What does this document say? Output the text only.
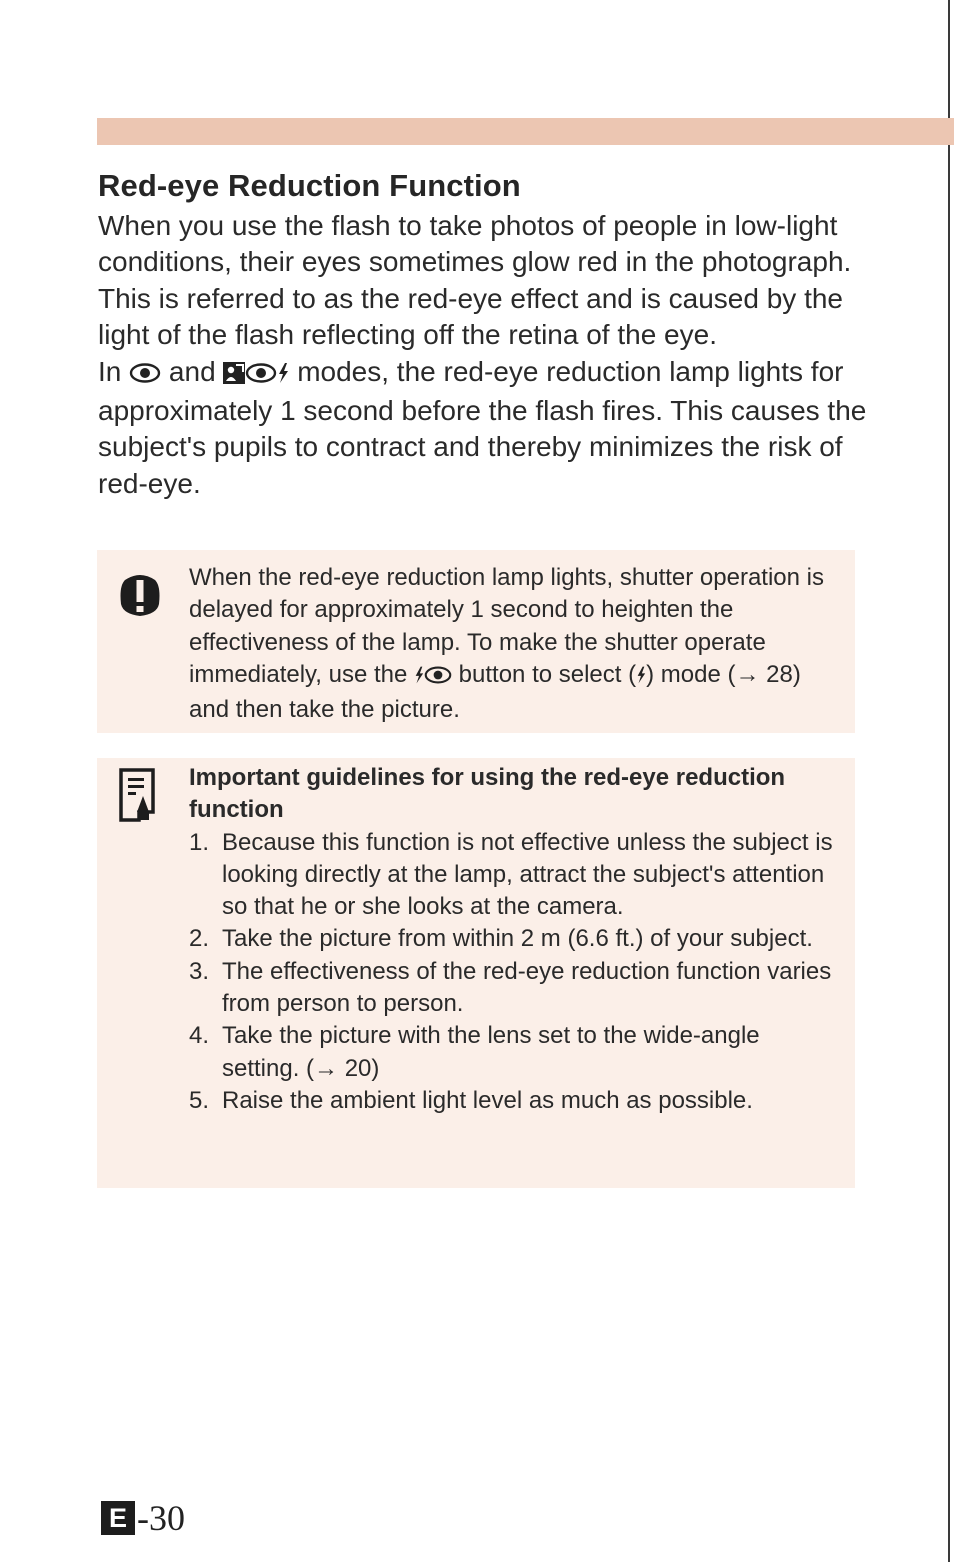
Red-eye Reduction Function

When you use the flash to take photos of people in low-light conditions, their eyes sometimes glow red in the photograph. This is referred to as the red-eye effect and is caused by the light of the flash reflecting off the retina of the eye.

In and	modes, the red-eye reduction lamp lights for approximately 1 second before the flash fires. This causes the subject's pupils to contract and thereby minimizes the risk of red-eye.

When the red-eye reduction lamp lights, shutter operation is delayed for approximately 1 second to heighten the effectiveness of the lamp. To make the shutter operate immediately, use the button to select ( ) mode (→ 28) and then take the picture.

Important guidelines for using the red-eye reduction function

1. Because this function is not effective unless the subject is looking directly at the lamp, attract the subject's attention so that he or she looks at the camera.
2. Take the picture from within 2 m (6.6 ft.) of your subject.
3. The effectiveness of the red-eye reduction function varies from person to person.
4. Take the picture with the lens set to the wide-angle setting. (→ 20)
5. Raise the ambient light level as much as possible.
E -30
